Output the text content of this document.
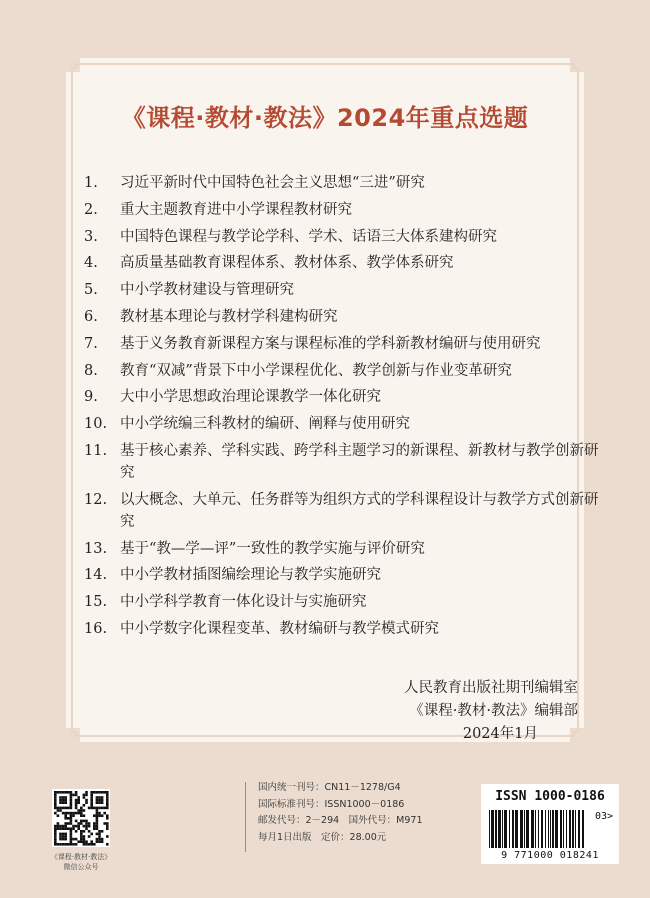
《课程·教材·教法》2024年重点选题
1.	习近平新时代中国特色社会主义思想“三进”研究
2.	重大主题教育进中小学课程教材研究
3.	中国特色课程与教学论学科、学术、话语三大体系建构研究
4.	高质量基础教育课程体系、教材体系、教学体系研究
5.	中小学教材建设与管理研究
6.	教材基本理论与教材学科建构研究
7.	基于义务教育新课程方案与课程标准的学科新教材编研与使用研究
8.	教育“双减”背景下中小学课程优化、教学创新与作业变革研究
9.	大中小学思想政治理论课教学一体化研究
10. 中小学统编三科教材的编研、阐释与使用研究
11. 基于核心素养、学科实践、跨学科主题学习的新课程、新教材与教学创新研究
12. 以大概念、大单元、任务群等为组织方式的学科课程设计与教学方式创新研究
13. 基于“教—学—评”一致性的教学实施与评价研究
14. 中小学教材插图编绘理论与教学实施研究
15. 中小学科学教育一体化设计与实施研究
16. 中小学数字化课程变革、教材编研与教学模式研究
人民教育出版社期刊编辑室
《课程·教材·教法》编辑部
2024年1月
《课程·教材·教法》
微信公众号
国内统一刊号：CN11－1278/G4
国际标准刊号：ISSN1000－0186
邮发代号：2－294　国外代号：M971
每月1日出版　定价：28.00元
ISSN 1000-0186
03>
9 771000 018241
